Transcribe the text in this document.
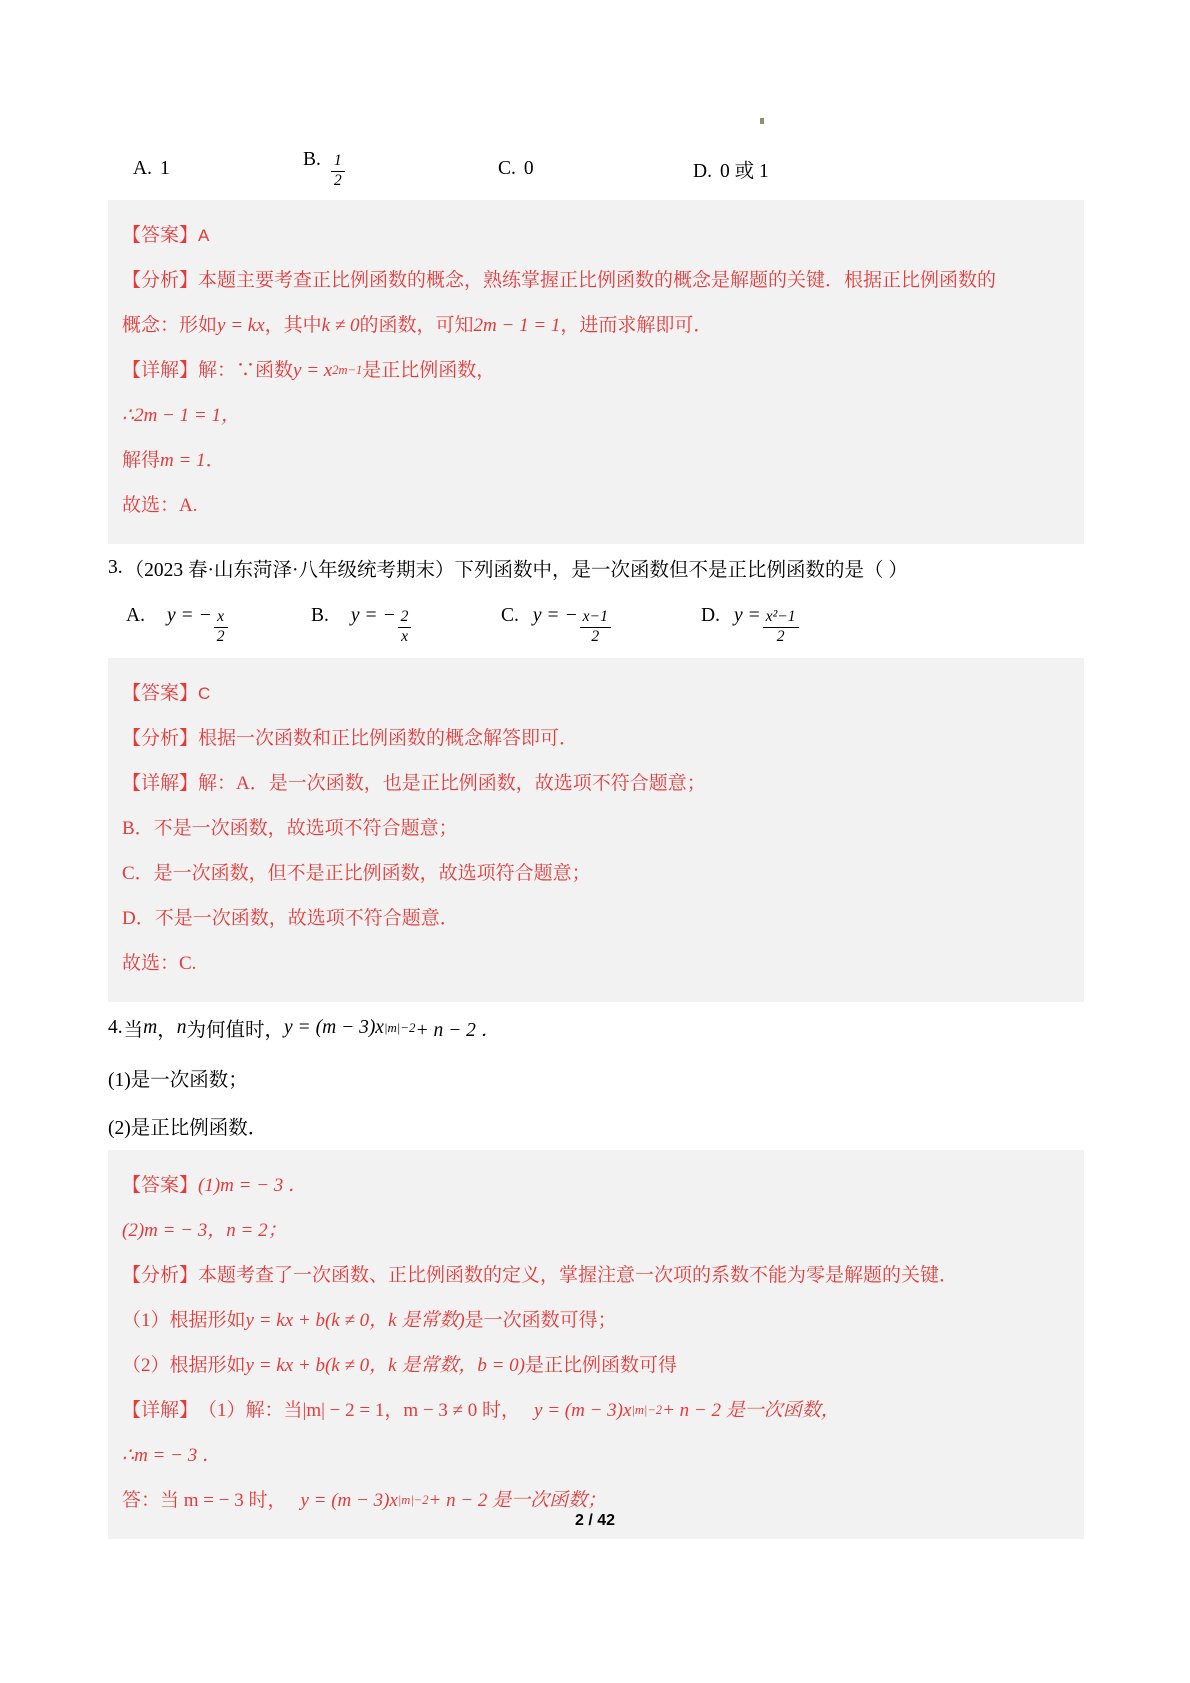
A. 1	B. $\frac{1}{2}$	C. 0	D. 0 或 1
【答案】 A
【分析】 本题主要考查正比例函数的概念，熟练掌握正比例函数的概念是解题的关键．根据正比例函数的
概念：形如 y = kx ，其中 k ≠ 0 的函数，可知 2m − 1 = 1 ，进而求解即可．
【详解】 解：∵函数 y = x 2m−1 是正比例函数，
∴2m − 1 = 1，
解得 m = 1 ．
故选：A.
3. （2023 春·山东菏泽·八年级统考期末）下列函数中，是一次函数但不是正比例函数的是（ ）
A. y = − $\frac{x}{2}$	B. y = − $\frac{2}{x}$	C. y = − $\frac{x-1}{2}$	D. $y = \frac{\text{x²−1}}{2}$
【答案】 C
【分析】 根据一次函数和正比例函数的概念解答即可．
【详解】 解：A．是一次函数，也是正比例函数，故选项不符合题意；
B．不是一次函数，故选项不符合题意；
C．是一次函数，但不是正比例函数，故选项符合题意；
D．不是一次函数，故选项不符合题意．
故选：C.
4. 当 m ， n 为何值时， y = (m − 3)x |m|−2 + n − 2 ．
(1)是一次函数；
(2)是正比例函数．
【答案】 (1)m = − 3 ．
(2)m = − 3，n = 2；
【分析】 本题考查了一次函数、正比例函数的定义，掌握注意一次项的系数不能为零是解题的关键．
（1）根据形如 y = kx + b(k ≠ 0，k 是常数) 是一次函数可得；
（2）根据形如 y = kx + b(k ≠ 0，k 是常数，b = 0) 是正比例函数可得
【详解】 （1）解：当|m| − 2 = 1，m − 3 ≠ 0 时， y = (m − 3)x |m|−2 + n − 2 是一次函数，
∴m = − 3 ．
答：当 m = − 3 时， y = (m − 3)x |m|−2 + n − 2 是一次函数；
2 / 42
